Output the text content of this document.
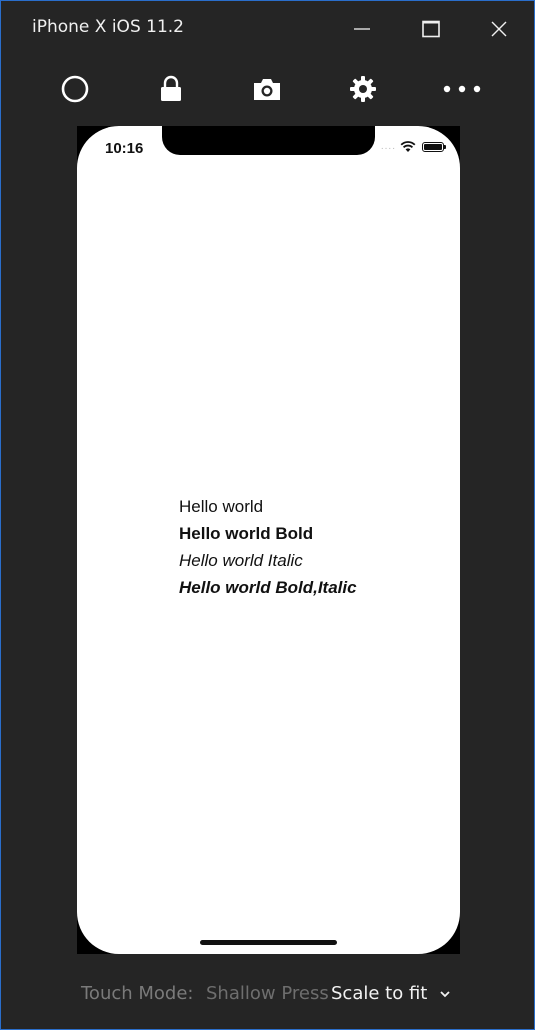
iPhone X iOS 11.2
10:16	....
Hello world
Hello world Bold
Hello world Italic
Hello world Bold,Italic
Touch Mode: Shallow Press Scale to fit
